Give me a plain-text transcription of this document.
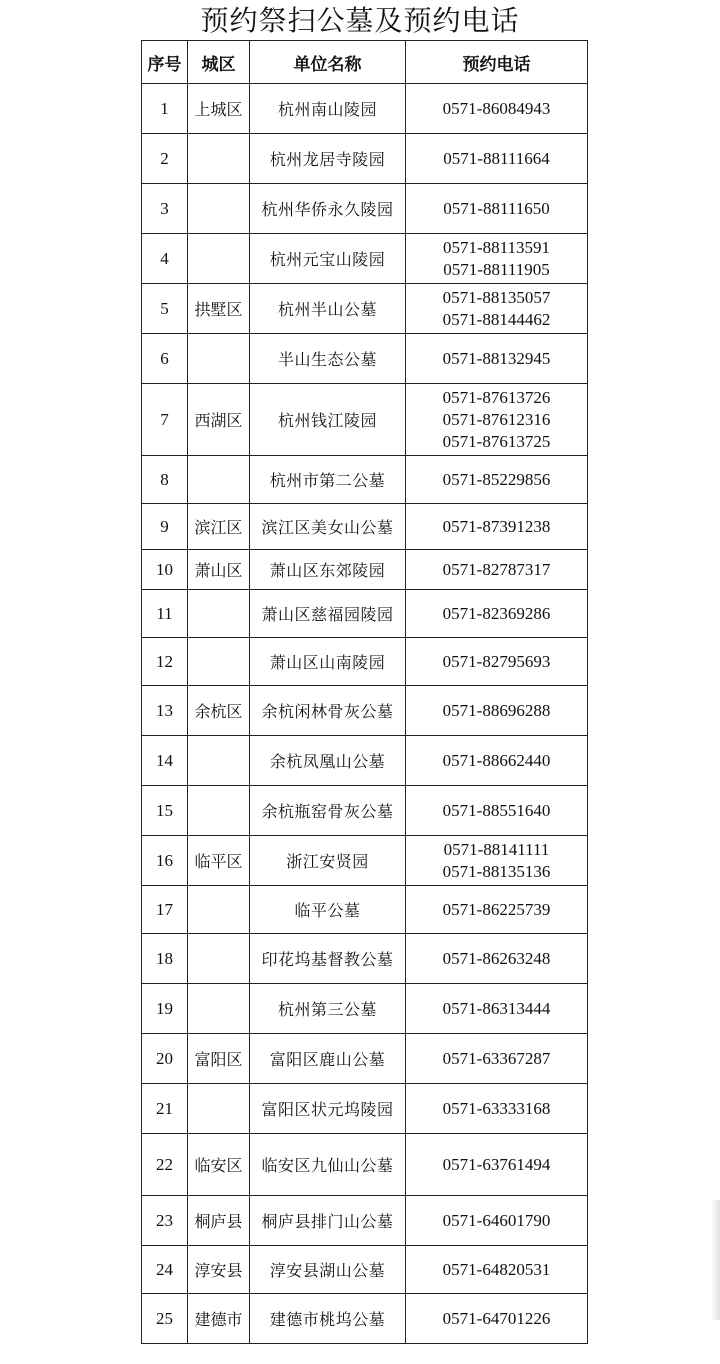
预约祭扫公墓及预约电话
序号	城区	单位名称	预约电话
1	上城区	杭州南山陵园	0571-86084943

2		杭州龙居寺陵园	0571-88111664

3		杭州华侨永久陵园	0571-88111650

4		杭州元宝山陵园	0571-88113591
0571-88111905

5	拱墅区	杭州半山公墓	0571-88135057
0571-88144462

6		半山生态公墓	0571-88132945

7	西湖区	杭州钱江陵园	0571-87613726
0571-87612316
0571-87613725

8		杭州市第二公墓	0571-85229856

9	滨江区	滨江区美女山公墓	0571-87391238

10	萧山区	萧山区东郊陵园	0571-82787317

11		萧山区慈福园陵园	0571-82369286

12		萧山区山南陵园	0571-82795693

13	余杭区	余杭闲林骨灰公墓	0571-88696288

14		余杭凤凰山公墓	0571-88662440

15		余杭瓶窑骨灰公墓	0571-88551640

16	临平区	浙江安贤园	0571-88141111
0571-88135136

17		临平公墓	0571-86225739

18		印花坞基督教公墓	0571-86263248

19		杭州第三公墓	0571-86313444

20	富阳区	富阳区鹿山公墓	0571-63367287

21		富阳区状元坞陵园	0571-63333168

22	临安区	临安区九仙山公墓	0571-63761494

23	桐庐县	桐庐县排门山公墓	0571-64601790

24	淳安县	淳安县湖山公墓	0571-64820531

25	建德市	建德市桃坞公墓	0571-64701226
